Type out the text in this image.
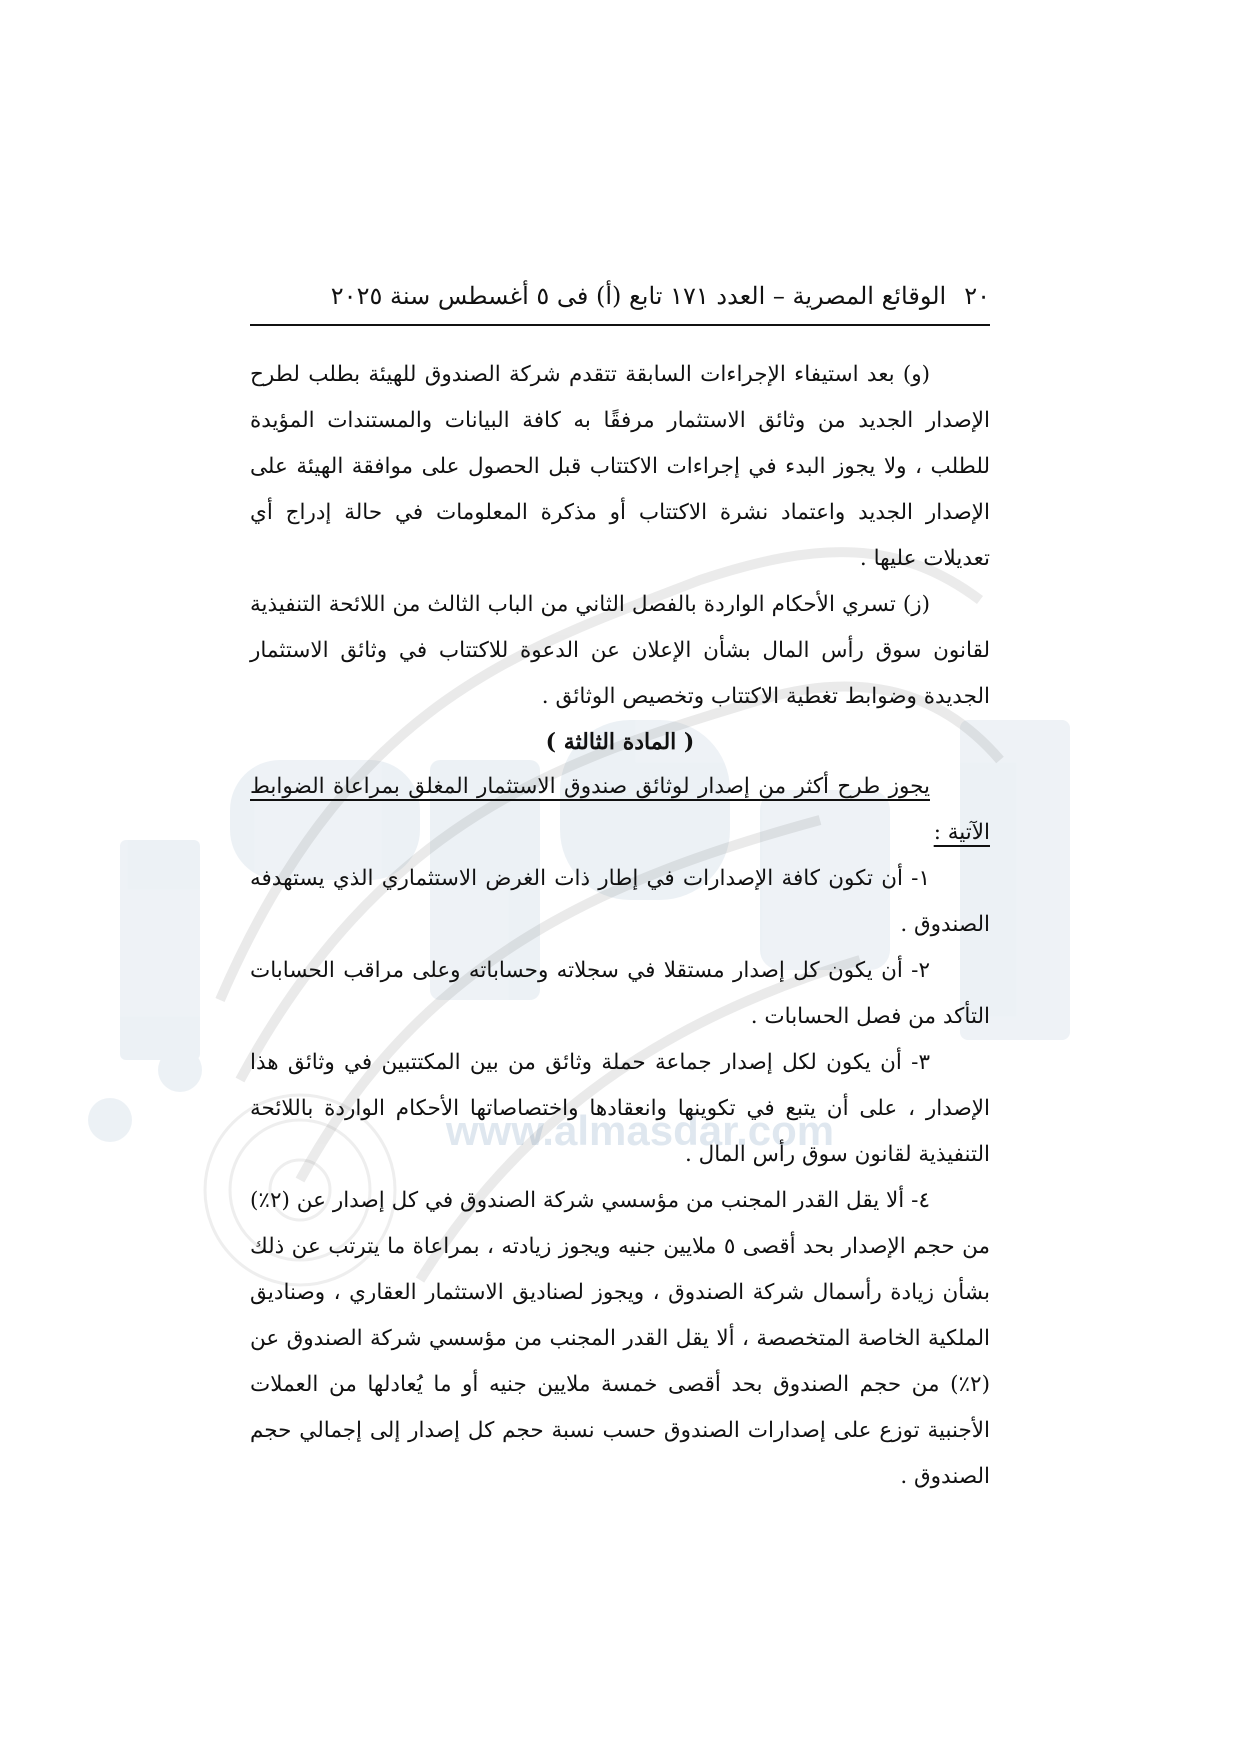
www.almasdar.com
٢٠
الوقائع المصرية – العدد ١٧١ تابع (أ) فى ٥ أغسطس سنة ٢٠٢٥

(و) بعد استيفاء الإجراءات السابقة تتقدم شركة الصندوق للهيئة بطلب لطرح الإصدار الجديد من وثائق الاستثمار مرفقًا به كافة البيانات والمستندات المؤيدة للطلب ، ولا يجوز البدء في إجراءات الاكتتاب قبل الحصول على موافقة الهيئة على الإصدار الجديد واعتماد نشرة الاكتتاب أو مذكرة المعلومات في حالة إدراج أي تعديلات عليها .

(ز) تسري الأحكام الواردة بالفصل الثاني من الباب الثالث من اللائحة التنفيذية لقانون سوق رأس المال بشأن الإعلان عن الدعوة للاكتتاب في وثائق الاستثمار الجديدة وضوابط تغطية الاكتتاب وتخصيص الوثائق .

( المادة الثالثة )

يجوز طرح أكثر من إصدار لوثائق صندوق الاستثمار المغلق بمراعاة الضوابط الآتية :

١- أن تكون كافة الإصدارات في إطار ذات الغرض الاستثماري الذي يستهدفه الصندوق .

٢- أن يكون كل إصدار مستقلا في سجلاته وحساباته وعلى مراقب الحسابات التأكد من فصل الحسابات .

٣- أن يكون لكل إصدار جماعة حملة وثائق من بين المكتتبين في وثائق هذا الإصدار ، على أن يتبع في تكوينها وانعقادها واختصاصاتها الأحكام الواردة باللائحة التنفيذية لقانون سوق رأس المال .

٤- ألا يقل القدر المجنب من مؤسسي شركة الصندوق في كل إصدار عن (٢٪) من حجم الإصدار بحد أقصى ٥ ملايين جنيه ويجوز زيادته ، بمراعاة ما يترتب عن ذلك بشأن زيادة رأسمال شركة الصندوق ، ويجوز لصناديق الاستثمار العقاري ، وصناديق الملكية الخاصة المتخصصة ، ألا يقل القدر المجنب من مؤسسي شركة الصندوق عن (٢٪) من حجم الصندوق بحد أقصى خمسة ملايين جنيه أو ما يُعادلها من العملات الأجنبية توزع على إصدارات الصندوق حسب نسبة حجم كل إصدار إلى إجمالي حجم الصندوق .
